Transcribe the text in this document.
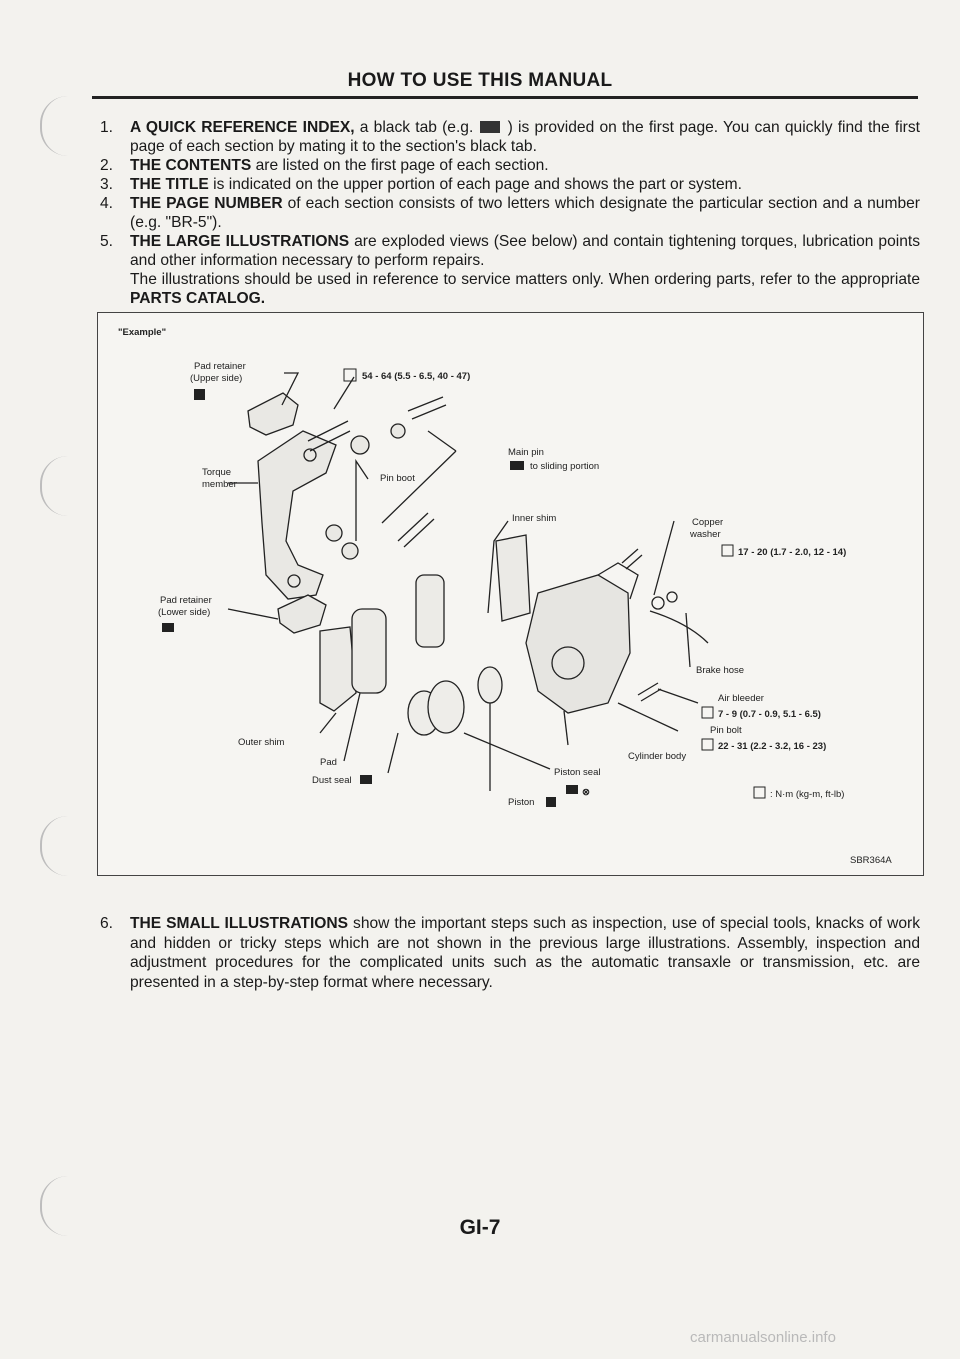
HOW TO USE THIS MANUAL
1.	A QUICK REFERENCE INDEX, a black tab (e.g.  ) is provided on the first page. You can quickly find the first page of each section by mating it to the section's black tab.
2.	THE CONTENTS are listed on the first page of each section.
3.	THE TITLE is indicated on the upper portion of each page and shows the part or system.
4.	THE PAGE NUMBER of each section consists of two letters which designate the particular section and a number (e.g. "BR-5").
5.	THE LARGE ILLUSTRATIONS are exploded views (See below) and contain tightening torques, lubrication points and other information necessary to perform repairs.
The illustrations should be used in reference to service matters only. When ordering parts, refer to the appropriate PARTS CATALOG.
"Example"
Pad retainer
(Upper side)	54 - 64 (5.5 - 6.5, 40 - 47)
Main pin
to sliding portion
Torque
member
Pin boot
Inner shim	Copper
washer
17 - 20 (1.7 - 2.0, 12 - 14)
Pad retainer
(Lower side)
Brake hose
Air bleeder
7 - 9 (0.7 - 0.9, 5.1 - 6.5)
Pin bolt
22 - 31 (2.2 - 3.2, 16 - 23)
Outer shim
Cylinder body
Pad
Piston seal
Dust seal
⊗
Piston
: N·m (kg-m, ft-lb)
SBR364A
6.	THE SMALL ILLUSTRATIONS show the important steps such as inspection, use of special tools, knacks of work and hidden or tricky steps which are not shown in the previous large illustrations. Assembly, inspection and adjustment procedures for the complicated units such as the automatic transaxle or transmission, etc. are presented in a step-by-step format where necessary.
GI-7
carmanualsonline.info
